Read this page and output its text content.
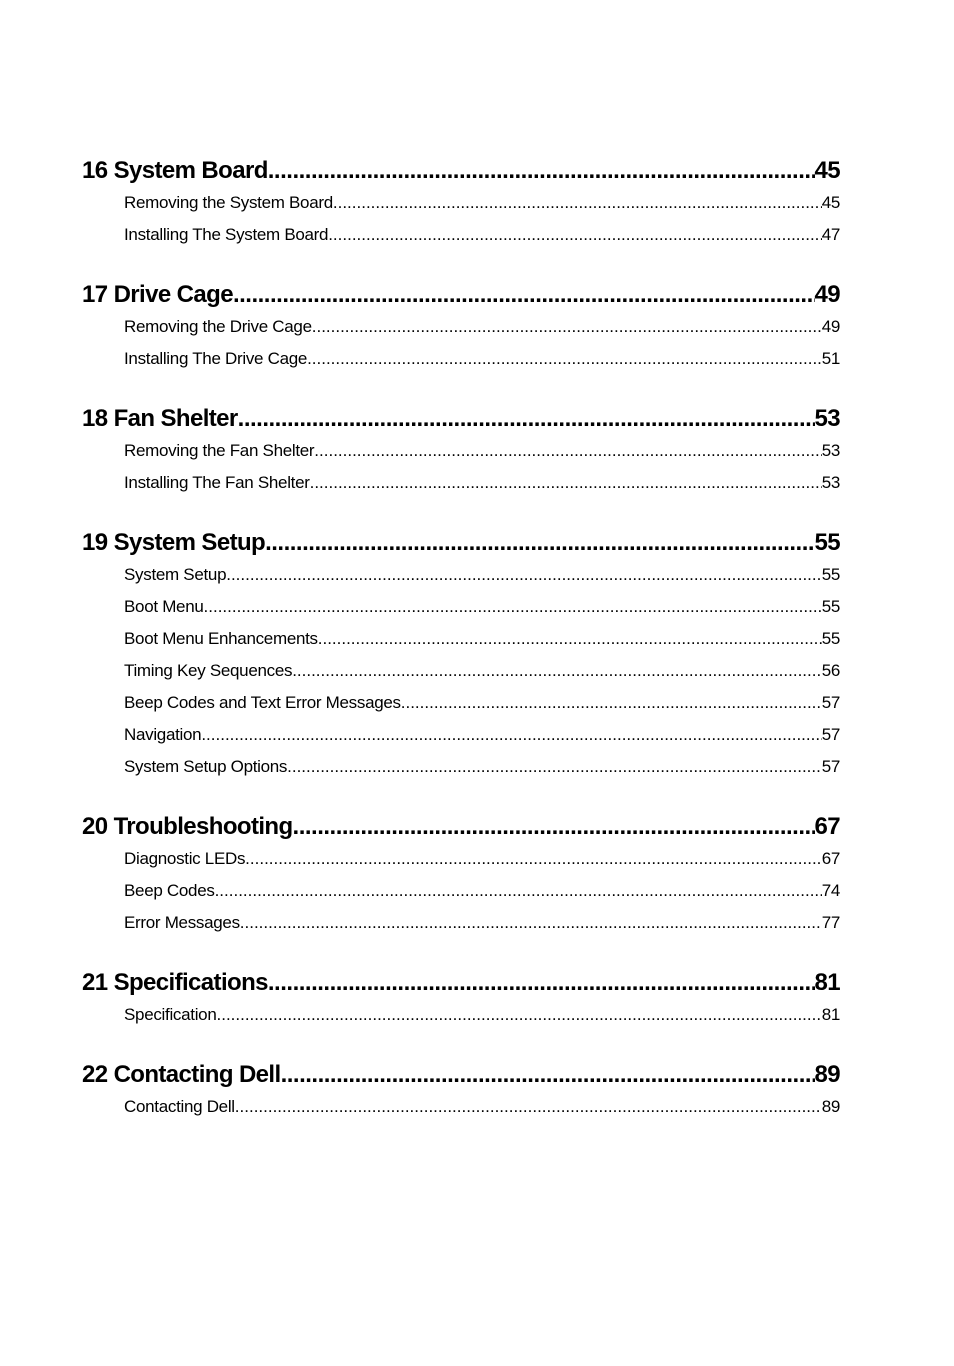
16 System Board .....	45
Removing the System Board .....	45
Installing The System Board .....	47
17 Drive Cage .....	49
Removing the Drive Cage .....	49
Installing The Drive Cage .....	51
18 Fan Shelter .....	53
Removing the Fan Shelter .....	53
Installing The Fan Shelter .....	53
19 System Setup .....	55
System Setup .....	55
Boot Menu .....	55
Boot Menu Enhancements .....	55
Timing Key Sequences .....	56
Beep Codes and Text Error Messages .....	57
Navigation .....	57
System Setup Options .....	57
20 Troubleshooting .....	67
Diagnostic LEDs .....	67
Beep Codes .....	74
Error Messages .....	77
21 Specifications .....	81
Specification .....	81
22 Contacting Dell .....	89
Contacting Dell .....	89
